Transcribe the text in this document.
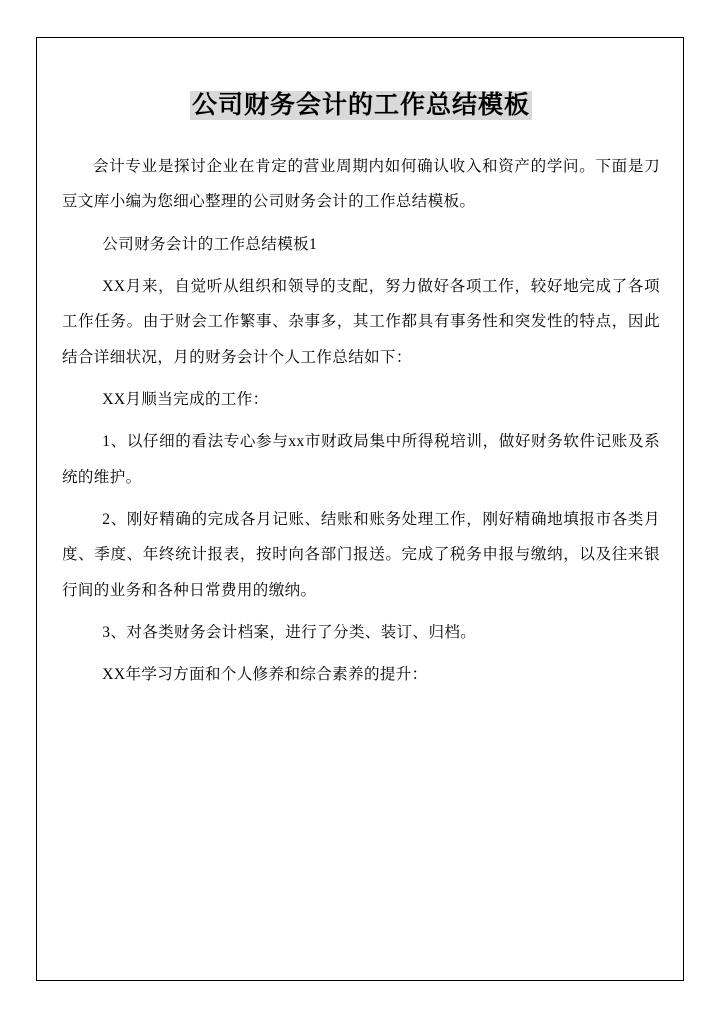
公司财务会计的工作总结模板

会计专业是探讨企业在肯定的营业周期内如何确认收入和资产的学问。下面是刀豆文库小编为您细心整理的公司财务会计的工作总结模板。

公司财务会计的工作总结模板1

XX月来，自觉听从组织和领导的支配，努力做好各项工作，较好地完成了各项工作任务。由于财会工作繁事、杂事多，其工作都具有事务性和突发性的特点，因此结合详细状况，月的财务会计个人工作总结如下：

XX月顺当完成的工作：

1、以仔细的看法专心参与xx市财政局集中所得税培训，做好财务软件记账及系统的维护。

2、刚好精确的完成各月记账、结账和账务处理工作，刚好精确地填报市各类月度、季度、年终统计报表，按时向各部门报送。完成了税务申报与缴纳，以及往来银行间的业务和各种日常费用的缴纳。

3、对各类财务会计档案，进行了分类、装订、归档。

XX年学习方面和个人修养和综合素养的提升：
